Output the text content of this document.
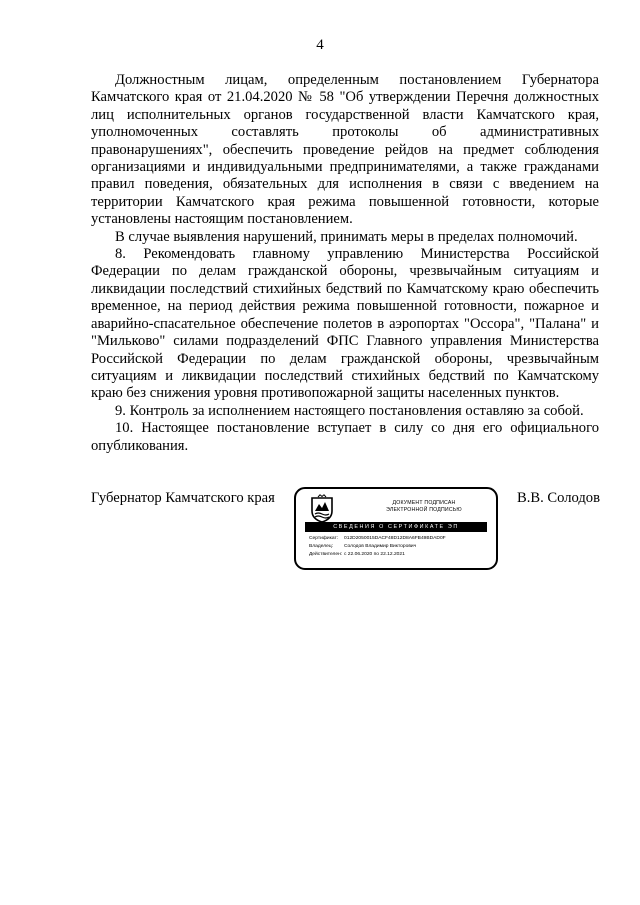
4

Должностным лицам, определенным постановлением Губернатора Камчатского края от 21.04.2020 № 58 "Об утверждении Перечня должностных лиц исполнительных органов государственной власти Камчатского края, уполномоченных составлять протоколы об административных правонарушениях", обеспечить проведение рейдов на предмет соблюдения организациями и индивидуальными предпринимателями, а также гражданами правил поведения, обязательных для исполнения в связи с введением на территории Камчатского края режима повышенной готовности, которые установлены настоящим постановлением.

В случае выявления нарушений, принимать меры в пределах полномочий.

8. Рекомендовать главному управлению Министерства Российской Федерации по делам гражданской обороны, чрезвычайным ситуациям и ликвидации последствий стихийных бедствий по Камчатскому краю обеспечить временное, на период действия режима повышенной готовности, пожарное и аварийно-спасательное обеспечение полетов в аэропортах "Оссора", "Палана" и "Мильково" силами подразделений ФПС Главного управления Министерства Российской Федерации по делам гражданской обороны, чрезвычайным ситуациям и ликвидации последствий стихийных бедствий по Камчатскому краю без снижения уровня противопожарной защиты населенных пунктов.

9. Контроль за исполнением настоящего постановления оставляю за собой.

10. Настоящее постановление вступает в силу со дня его официального опубликования.

Губернатор Камчатского края	ДОКУМЕНТ ПОДПИСАН
ЭЛЕКТРОННОЙ ПОДПИСЬЮ
СВЕДЕНИЯ О СЕРТИФИКАТЕ ЭП
Сертификат: 012D2050015DACF48D12D8A6FB49BDAD0F
Владелец: Солодов Владимир Викторович
Действителен: с 22.06.2020 по 22.12.2021
В.В. Солодов
